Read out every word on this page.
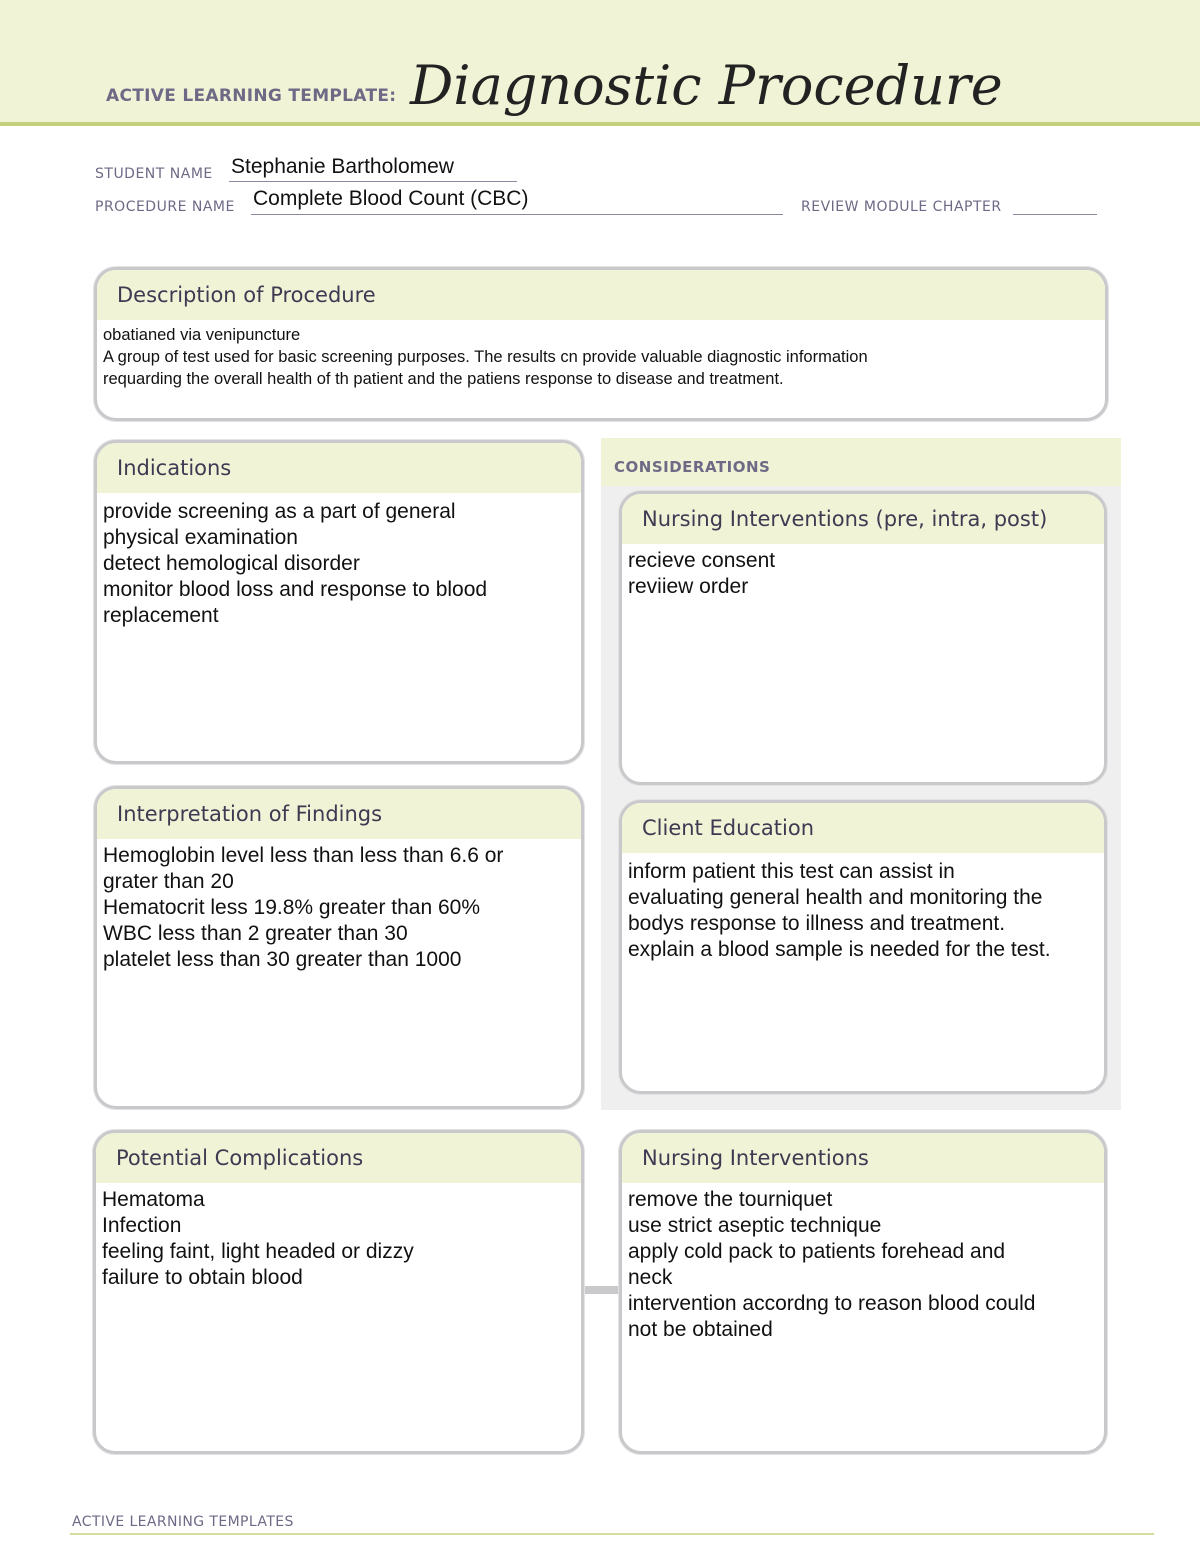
ACTIVE LEARNING TEMPLATE: Diagnostic Procedure
STUDENT NAME Stephanie Bartholomew
PROCEDURE NAME Complete Blood Count (CBC)	REVIEW MODULE CHAPTER
Description of Procedure
obatianed via venipuncture
A group of test used for basic screening purposes. The results cn provide valuable diagnostic information
requarding the overall health of th patient and the patiens response to disease and treatment.
Indications
provide screening as a part of general
physical examination
detect hemological disorder
monitor blood loss and response to blood
replacement
CONSIDERATIONS
Nursing Interventions (pre, intra, post)
recieve consent
reviiew order
Interpretation of Findings
Hemoglobin level less than less than 6.6 or
grater than 20
Hematocrit less 19.8% greater than 60%
WBC less than 2 greater than 30
platelet less than 30 greater than 1000
Client Education
inform patient this test can assist in
evaluating general health and monitoring the
bodys response to illness and treatment.
explain a blood sample is needed for the test.
Potential Complications
Hematoma
Infection
feeling faint, light headed or dizzy
failure to obtain blood
Nursing Interventions
remove the tourniquet
use strict aseptic technique
apply cold pack to patients forehead and
neck
intervention accordng to reason blood could
not be obtained
ACTIVE LEARNING TEMPLATES
